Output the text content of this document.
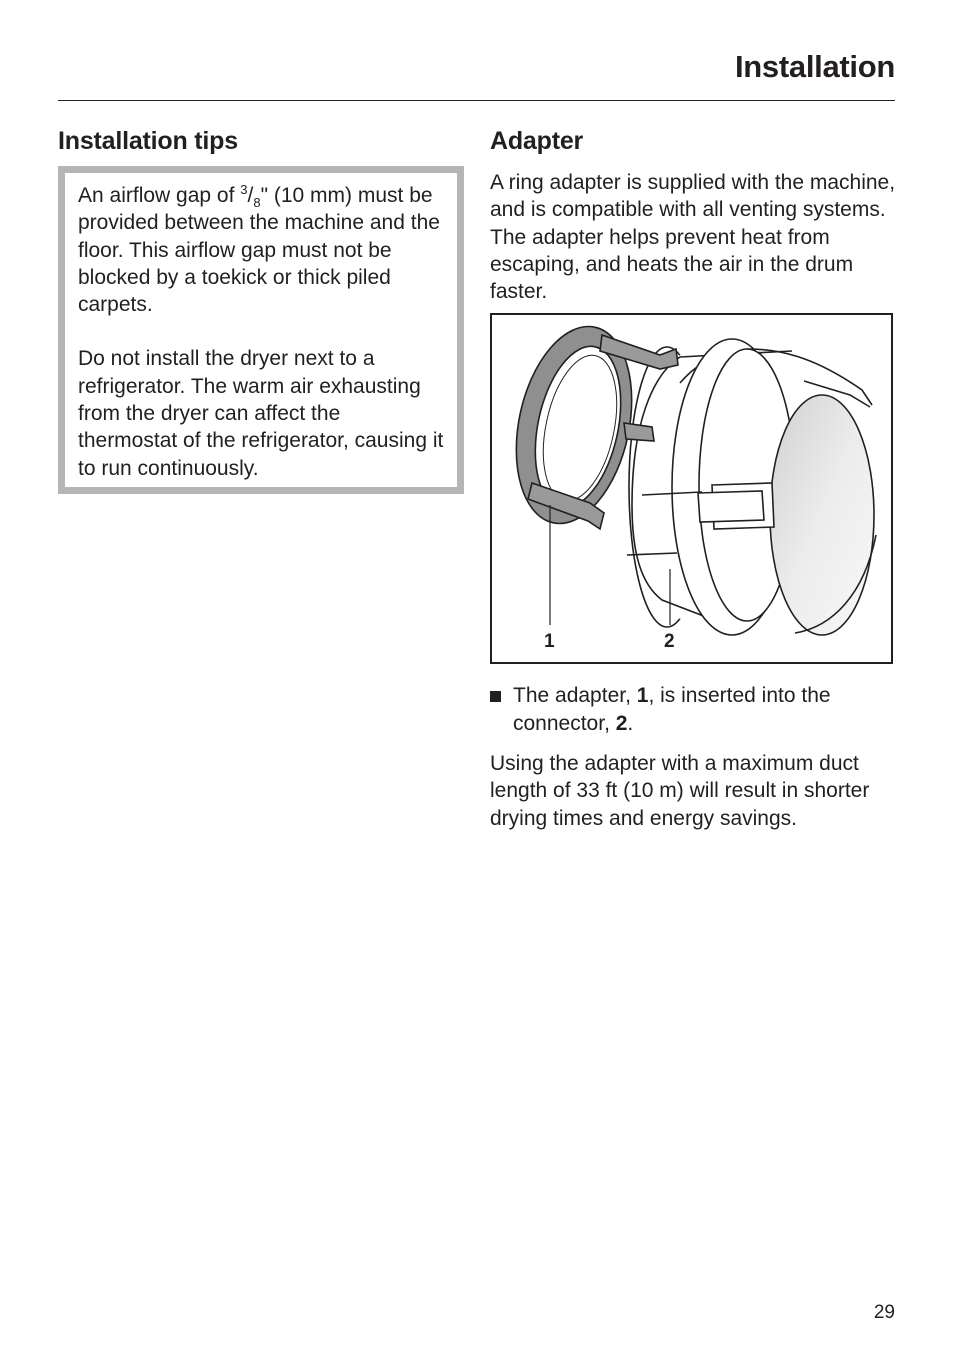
Installation
Installation tips

An airflow gap of $^3/_8$" (10 mm) must be provided between the machine and the floor. This airflow gap must not be blocked by a toekick or thick piled carpets.

Do not install the dryer next to a refrigerator. The warm air exhausting from the dryer can affect the thermostat of the refrigerator, causing it to run continuously.

Adapter

A ring adapter is supplied with the machine, and is compatible with all venting systems. The adapter helps prevent heat from escaping, and heats the air in the drum faster.

1	2

The adapter, 1, is inserted into the connector, 2.

Using the adapter with a maximum duct length of 33 ft (10 m) will result in shorter drying times and energy savings.

29
